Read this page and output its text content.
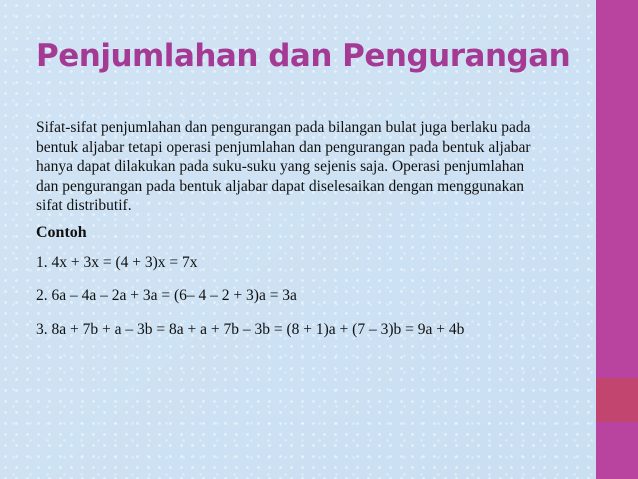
Penjumlahan dan Pengurangan

Sifat-sifat penjumlahan dan pengurangan pada bilangan bulat juga berlaku pada bentuk aljabar tetapi operasi penjumlahan dan pengurangan pada bentuk aljabar hanya dapat dilakukan pada suku-suku yang sejenis saja. Operasi penjumlahan dan pengurangan pada bentuk aljabar dapat diselesaikan dengan menggunakan sifat distributif.

Contoh

1. 4x + 3x = (4 + 3)x = 7x
2. 6a – 4a – 2a + 3a = (6– 4 – 2 + 3)a = 3a
3. 8a + 7b + a – 3b = 8a + a + 7b – 3b = (8 + 1)a + (7 – 3)b = 9a + 4b
